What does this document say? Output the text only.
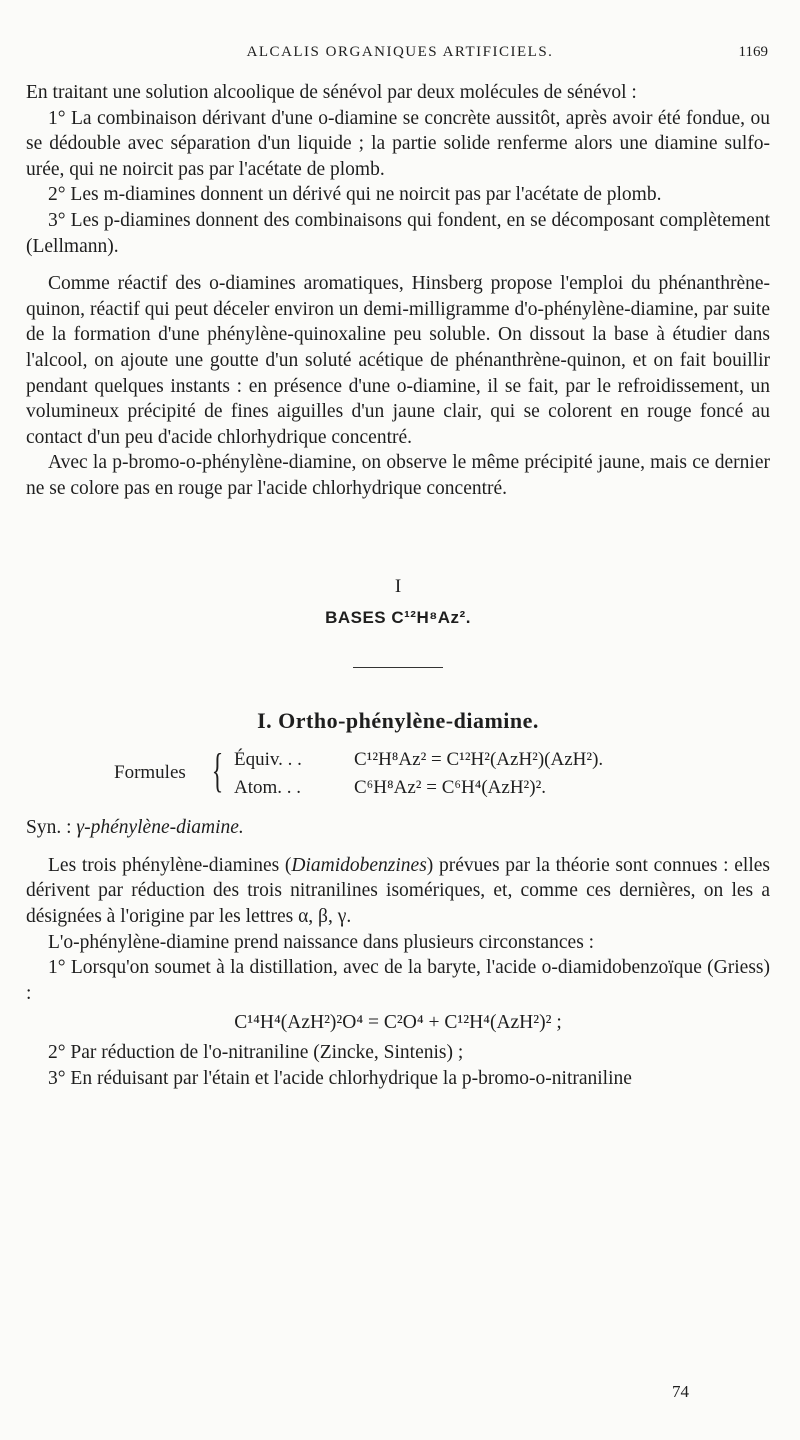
ALCALIS ORGANIQUES ARTIFICIELS.	1169

En traitant une solution alcoolique de sénévol par deux molécules de sénévol :

1° La combinaison dérivant d'une o-diamine se concrète aussitôt, après avoir été fondue, ou se dédouble avec séparation d'un liquide ; la partie solide renferme alors une diamine sulfo-urée, qui ne noircit pas par l'acétate de plomb.

2° Les m-diamines donnent un dérivé qui ne noircit pas par l'acétate de plomb.

3° Les p-diamines donnent des combinaisons qui fondent, en se décomposant complètement (Lellmann).

Comme réactif des o-diamines aromatiques, Hinsberg propose l'emploi du phénanthrène-quinon, réactif qui peut déceler environ un demi-milligramme d'o-phénylène-diamine, par suite de la formation d'une phénylène-quinoxaline peu soluble. On dissout la base à étudier dans l'alcool, on ajoute une goutte d'un soluté acétique de phénanthrène-quinon, et on fait bouillir pendant quelques instants : en présence d'une o-diamine, il se fait, par le refroidissement, un volumineux précipité de fines aiguilles d'un jaune clair, qui se colorent en rouge foncé au contact d'un peu d'acide chlorhydrique concentré.

Avec la p-bromo-o-phénylène-diamine, on observe le même précipité jaune, mais ce dernier ne se colore pas en rouge par l'acide chlorhydrique concentré.

I

BASES C¹²H⁸Az².

I. Ortho-phénylène-diamine.

Formules { Équiv. . .	C¹²H⁸Az² = C¹²H²(AzH²)(AzH²).
Atom. . .	C⁶H⁸Az² = C⁶H⁴(AzH²)².

Syn. : γ-phénylène-diamine.

Les trois phénylène-diamines (Diamidobenzines) prévues par la théorie sont connues : elles dérivent par réduction des trois nitranilines isomériques, et, comme ces dernières, on les a désignées à l'origine par les lettres α, β, γ.

L'o-phénylène-diamine prend naissance dans plusieurs circonstances :

1° Lorsqu'on soumet à la distillation, avec de la baryte, l'acide o-diamidobenzoïque (Griess) :

C¹⁴H⁴(AzH²)²O⁴ = C²O⁴ + C¹²H⁴(AzH²)² ;

2° Par réduction de l'o-nitraniline (Zincke, Sintenis) ;

3° En réduisant par l'étain et l'acide chlorhydrique la p-bromo-o-nitraniline

74
